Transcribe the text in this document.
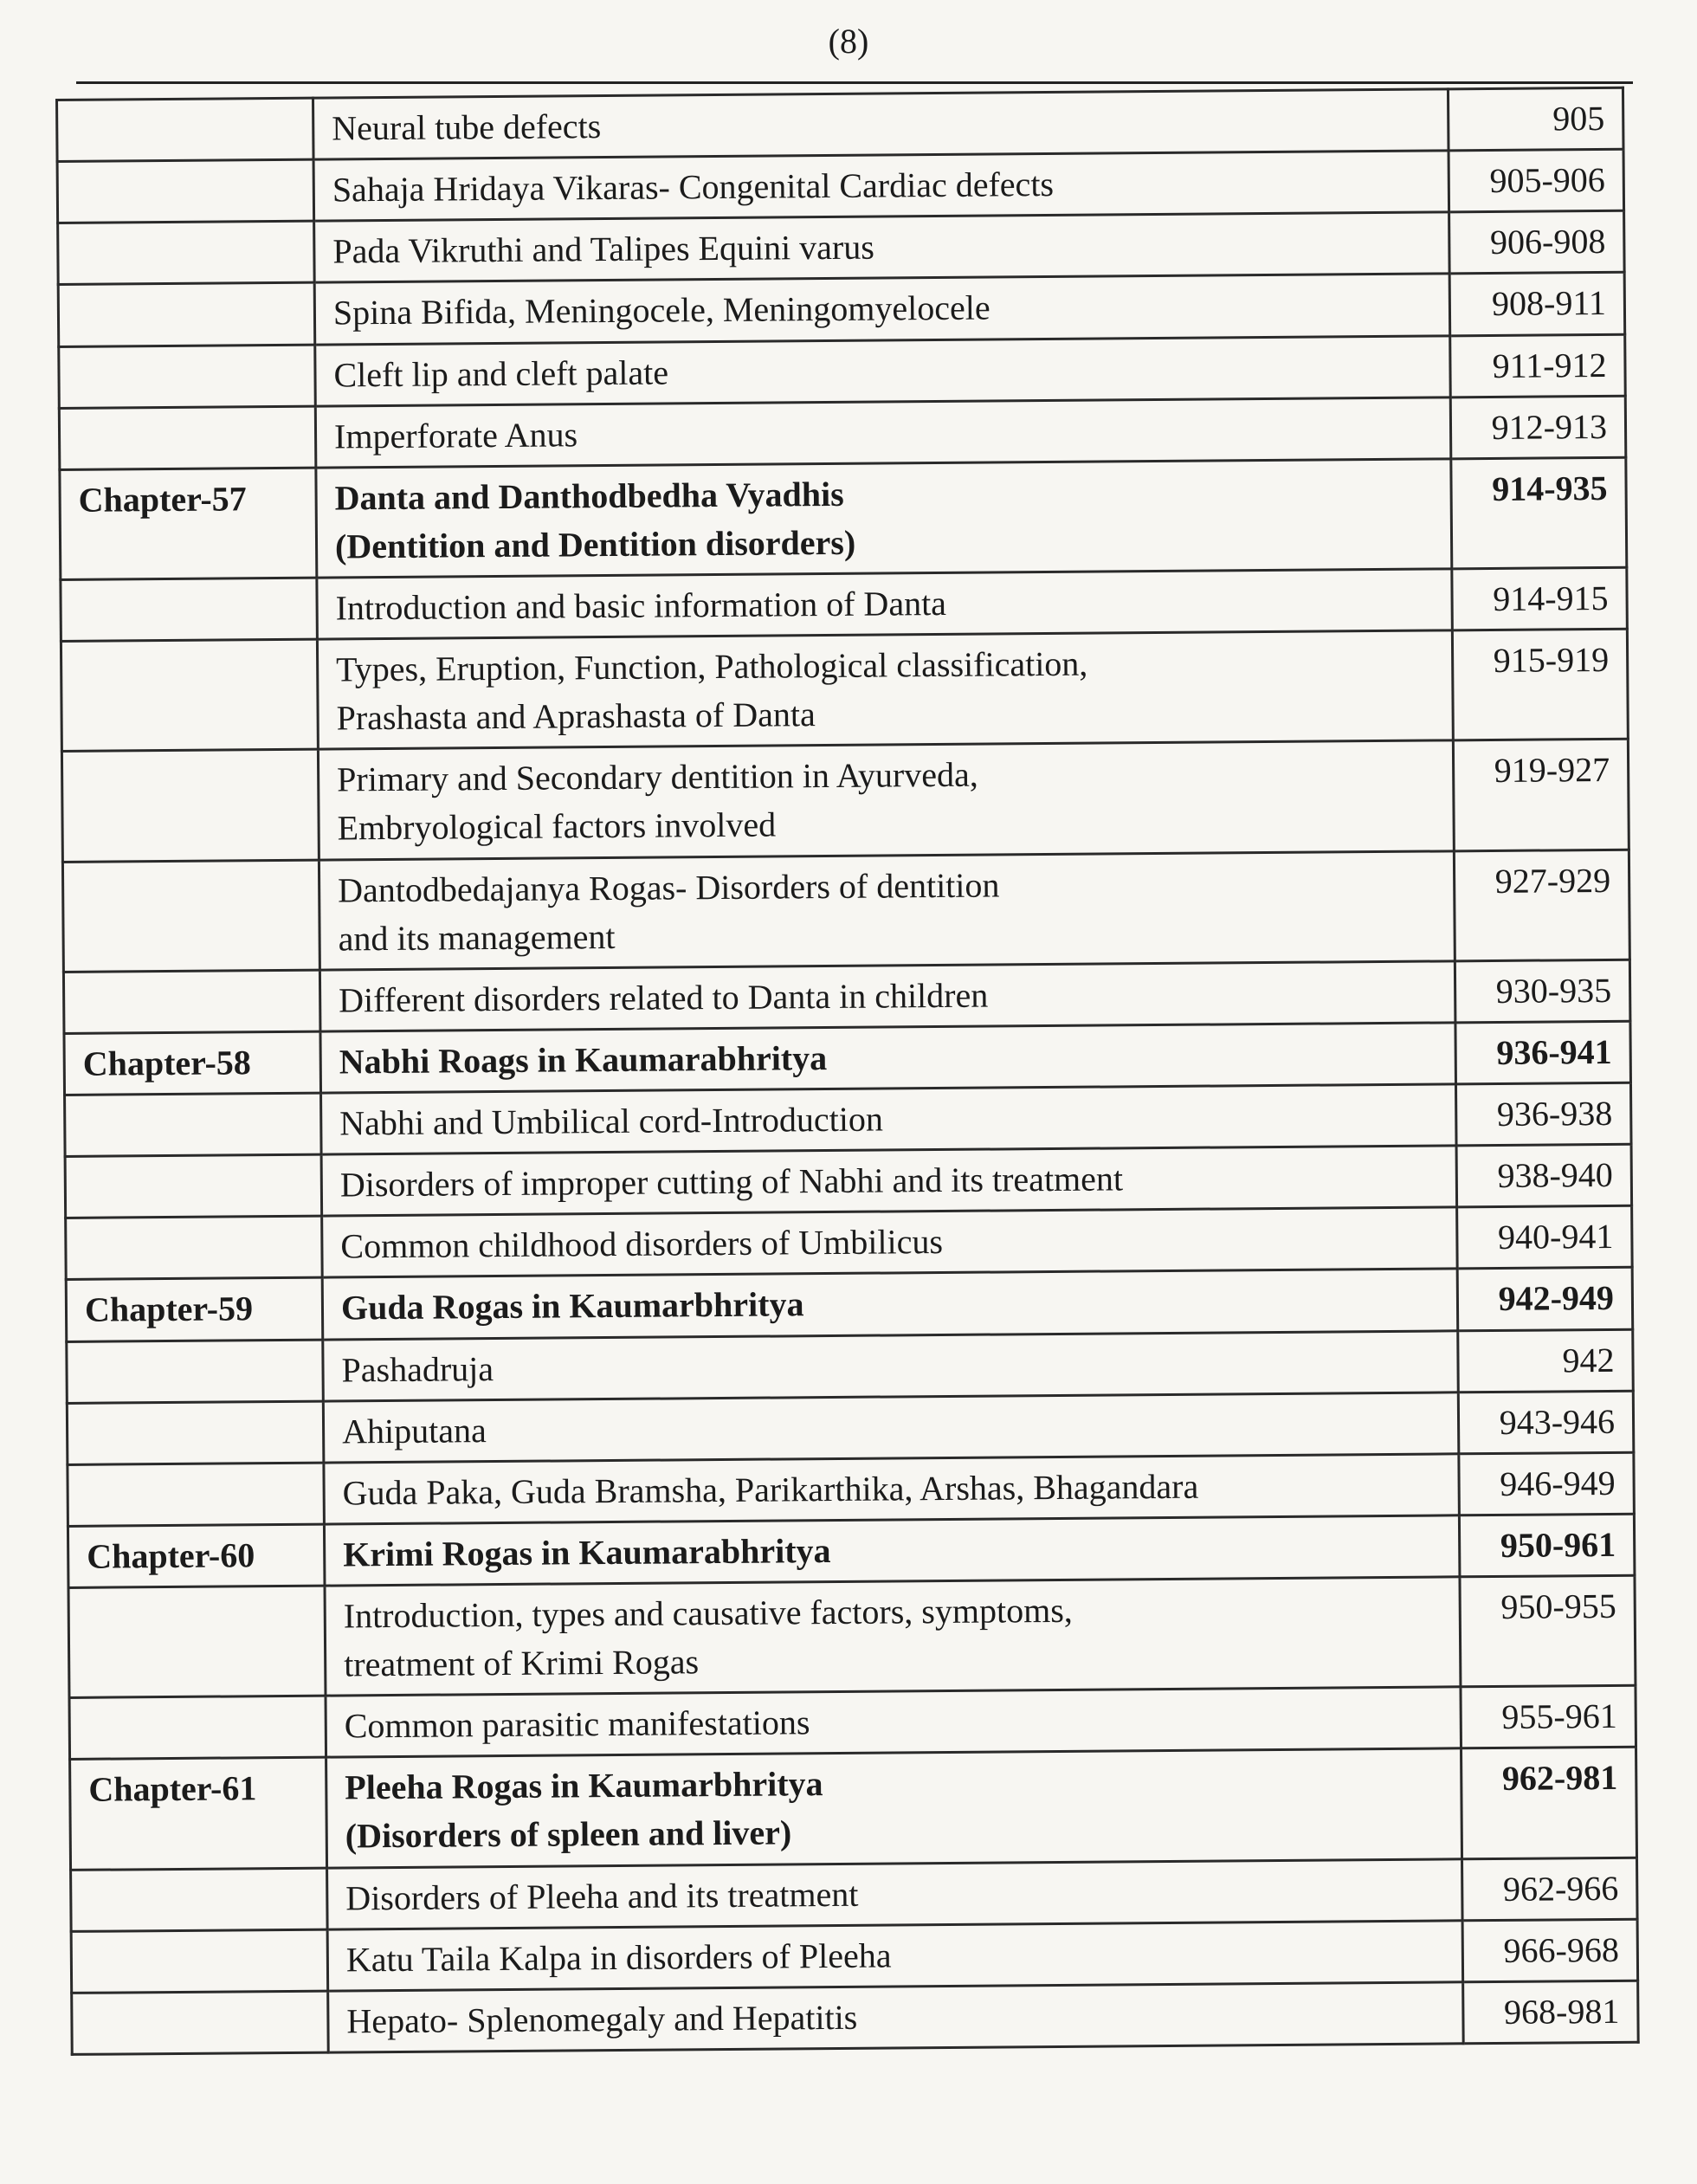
(8)

	Neural tube defects	905

	Sahaja Hridaya Vikaras- Congenital Cardiac defects	905-906

	Pada Vikruthi and Talipes Equini varus	906-908

	Spina Bifida, Meningocele, Meningomyelocele	908-911

	Cleft lip and cleft palate	911-912

	Imperforate Anus	912-913
Chapter-57	Danta and Danthodbedha Vyadhis
(Dentition and Dentition disorders)	914-935

	Introduction and basic information of Danta	914-915

	Types, Eruption, Function, Pathological classification,
Prashasta and Aprashasta of Danta	915-919

	Primary and Secondary dentition in Ayurveda,
Embryological factors involved	919-927

	Dantodbedajanya Rogas- Disorders of dentition
and its management	927-929

	Different disorders related to Danta in children	930-935
Chapter-58	Nabhi Roags in Kaumarabhritya	936-941

	Nabhi and Umbilical cord-Introduction	936-938

	Disorders of improper cutting of Nabhi and its treatment	938-940

	Common childhood disorders of Umbilicus	940-941
Chapter-59	Guda Rogas in Kaumarbhritya	942-949

	Pashadruja	942

	Ahiputana	943-946

	Guda Paka, Guda Bramsha, Parikarthika, Arshas, Bhagandara	946-949
Chapter-60	Krimi Rogas in Kaumarabhritya	950-961

	Introduction, types and causative factors, symptoms,
treatment of Krimi Rogas	950-955

	Common parasitic manifestations	955-961
Chapter-61	Pleeha Rogas in Kaumarbhritya
(Disorders of spleen and liver)	962-981

	Disorders of Pleeha and its treatment	962-966

	Katu Taila Kalpa in disorders of Pleeha	966-968

	Hepato- Splenomegaly and Hepatitis	968-981
